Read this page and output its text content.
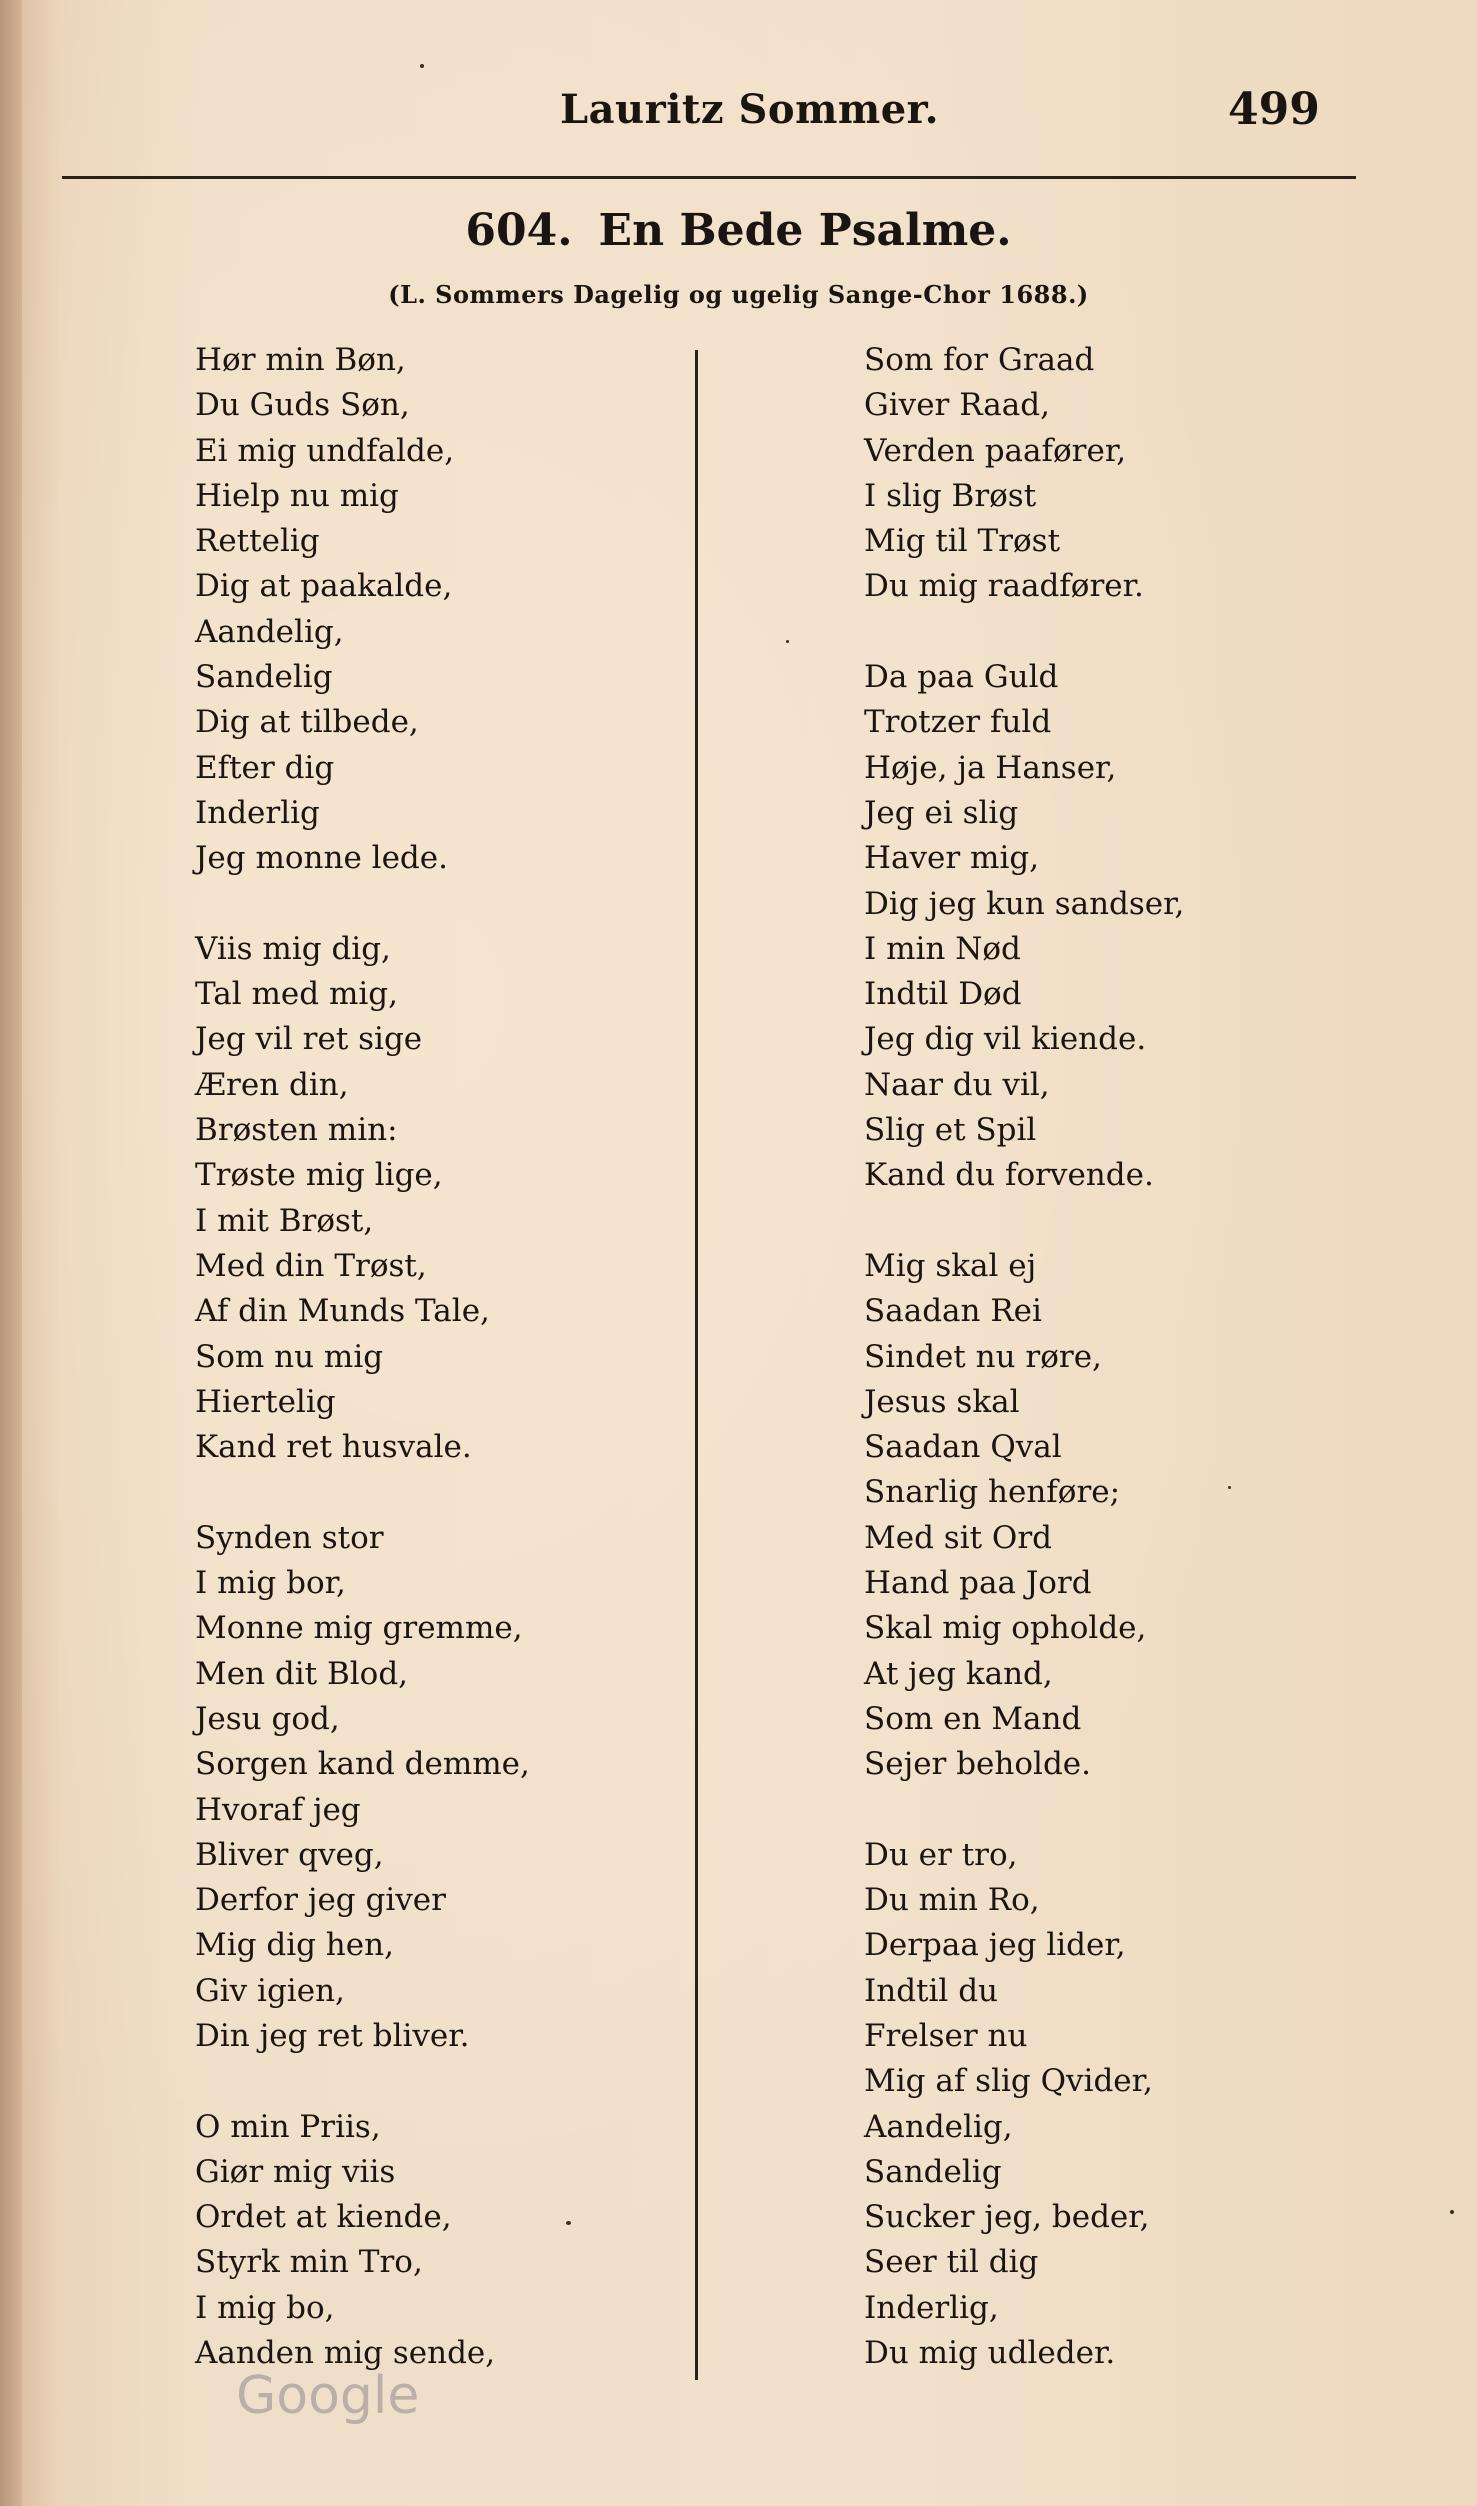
Lauritz Sommer.	499
604. En Bede Psalme.
(L. Sommers Dagelig og ugelig Sange-Chor 1688.)
Hør min Bøn,
Du Guds Søn,
Ei mig undfalde,
Hielp nu mig
Rettelig
Dig at paakalde,
Aandelig,
Sandelig
Dig at tilbede,
Efter dig
Inderlig
Jeg monne lede.
Viis mig dig,
Tal med mig,
Jeg vil ret sige
Æren din,
Brøsten min:
Trøste mig lige,
I mit Brøst,
Med din Trøst,
Af din Munds Tale,
Som nu mig
Hiertelig
Kand ret husvale.
Synden stor
I mig bor,
Monne mig gremme,
Men dit Blod,
Jesu god,
Sorgen kand demme,
Hvoraf jeg
Bliver qveg,
Derfor jeg giver
Mig dig hen,
Giv igien,
Din jeg ret bliver.
O min Priis,
Giør mig viis
Ordet at kiende,
Styrk min Tro,
I mig bo,
Aanden mig sende,
Som for Graad
Giver Raad,
Verden paafører,
I slig Brøst
Mig til Trøst
Du mig raadfører.
Da paa Guld
Trotzer fuld
Høje, ja Hanser,
Jeg ei slig
Haver mig,
Dig jeg kun sandser,
I min Nød
Indtil Død
Jeg dig vil kiende.
Naar du vil,
Slig et Spil
Kand du forvende.
Mig skal ej
Saadan Rei
Sindet nu røre,
Jesus skal
Saadan Qval
Snarlig henføre;
Med sit Ord
Hand paa Jord
Skal mig opholde,
At jeg kand,
Som en Mand
Sejer beholde.
Du er tro,
Du min Ro,
Derpaa jeg lider,
Indtil du
Frelser nu
Mig af slig Qvider,
Aandelig,
Sandelig
Sucker jeg, beder,
Seer til dig
Inderlig,
Du mig udleder.
Google
